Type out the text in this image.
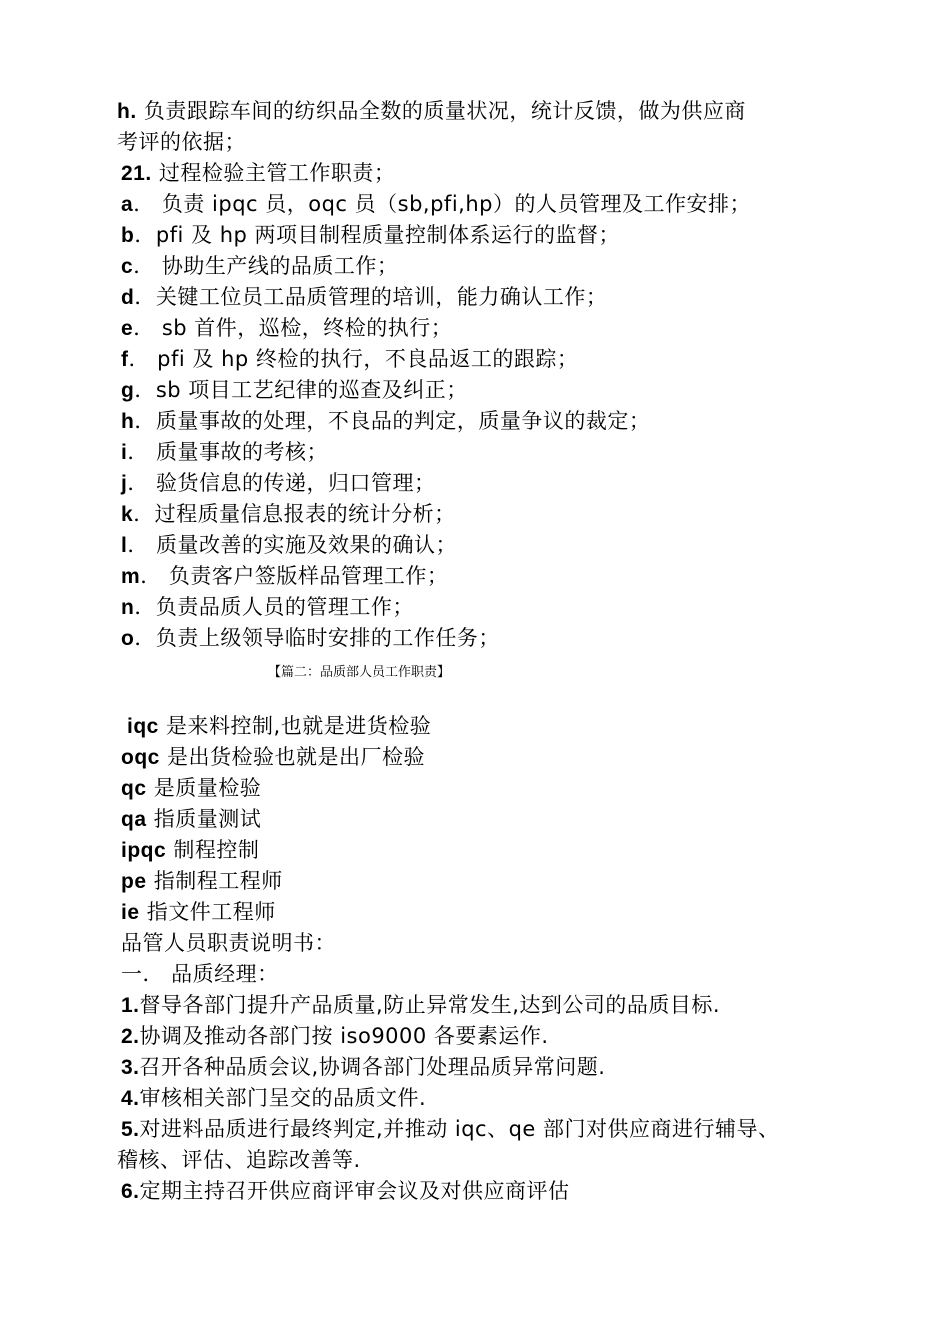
h. 负责跟踪车间的纺织品全数的质量状况，统计反馈，做为供应商
考评的依据；
21. 过程检验主管工作职责；
a． 负责 ipqc 员，oqc 员（sb,pfi,hp）的人员管理及工作安排；
b．pfi 及 hp 两项目制程质量控制体系运行的监督；
c． 协助生产线的品质工作；
d．关键工位员工品质管理的培训，能力确认工作；
e． sb 首件，巡检，终检的执行；
f． pfi 及 hp 终检的执行，不良品返工的跟踪；
g．sb 项目工艺纪律的巡查及纠正；
h．质量事故的处理，不良品的判定，质量争议的裁定；
i． 质量事故的考核；
j． 验货信息的传递，归口管理；
k．过程质量信息报表的统计分析；
l． 质量改善的实施及效果的确认；
m． 负责客户签版样品管理工作；
n．负责品质人员的管理工作；
o．负责上级领导临时安排的工作任务；
【篇二：品质部人员工作职责】
iqc 是来料控制,也就是进货检验
oqc 是出货检验也就是出厂检验
qc 是质量检验
qa 指质量测试
ipqc 制程控制
pe 指制程工程师
ie 指文件工程师
品管人员职责说明书：
一． 品质经理：
1.督导各部门提升产品质量,防止异常发生,达到公司的品质目标.
2.协调及推动各部门按 iso9000 各要素运作.
3.召开各种品质会议,协调各部门处理品质异常问题.
4.审核相关部门呈交的品质文件.
5.对进料品质进行最终判定,并推动 iqc、qe 部门对供应商进行辅导、
稽核、评估、追踪改善等.
6.定期主持召开供应商评审会议及对供应商评估
